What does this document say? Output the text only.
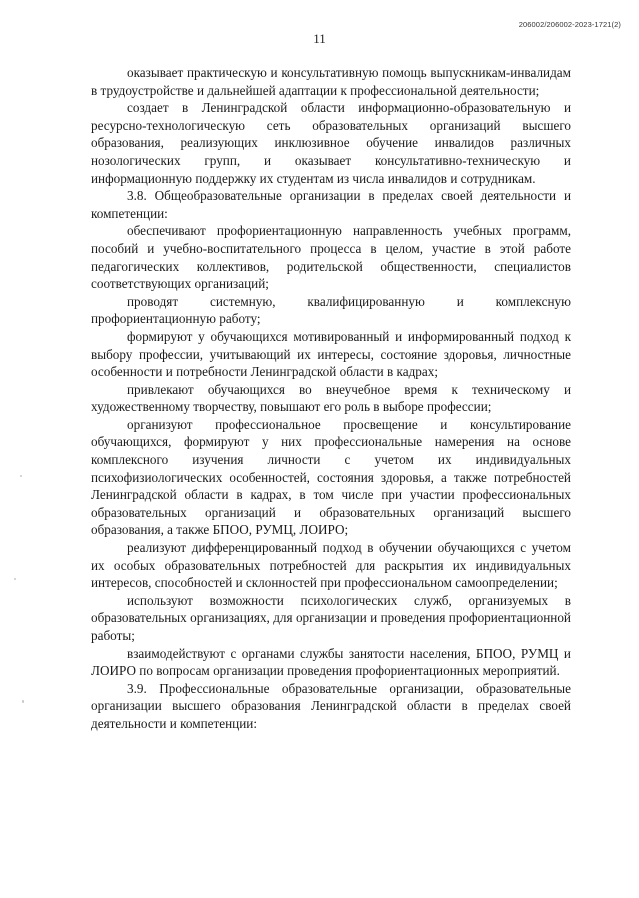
206002/206002-2023-1721(2)
11

оказывает практическую и консультативную помощь выпускникам-инвалидам в трудоустройстве и дальнейшей адаптации к профессиональной деятельности;

создает в Ленинградской области информационно-образовательную и ресурсно-технологическую сеть образовательных организаций высшего образования, реализующих инклюзивное обучение инвалидов различных нозологических групп, и оказывает консультативно-техническую и информационную поддержку их студентам из числа инвалидов и сотрудникам.

3.8. Общеобразовательные организации в пределах своей деятельности и компетенции:

обеспечивают профориентационную направленность учебных программ, пособий и учебно-воспитательного процесса в целом, участие в этой работе педагогических коллективов, родительской общественности, специалистов соответствующих организаций;

проводят системную, квалифицированную и комплексную профориентационную работу;

формируют у обучающихся мотивированный и информированный подход к выбору профессии, учитывающий их интересы, состояние здоровья, личностные особенности и потребности Ленинградской области в кадрах;

привлекают обучающихся во внеучебное время к техническому и художественному творчеству, повышают его роль в выборе профессии;

организуют профессиональное просвещение и консультирование обучающихся, формируют у них профессиональные намерения на основе комплексного изучения личности с учетом их индивидуальных психофизиологических особенностей, состояния здоровья, а также потребностей Ленинградской области в кадрах, в том числе при участии профессиональных образовательных организаций и образовательных организаций высшего образования, а также БПОО, РУМЦ, ЛОИРО;

реализуют дифференцированный подход в обучении обучающихся с учетом их особых образовательных потребностей для раскрытия их индивидуальных интересов, способностей и склонностей при профессиональном самоопределении;

используют возможности психологических служб, организуемых в образовательных организациях, для организации и проведения профориентационной работы;

взаимодействуют с органами службы занятости населения, БПОО, РУМЦ и ЛОИРО по вопросам организации проведения профориентационных мероприятий.

3.9. Профессиональные образовательные организации, образовательные организации высшего образования Ленинградской области в пределах своей деятельности и компетенции:
